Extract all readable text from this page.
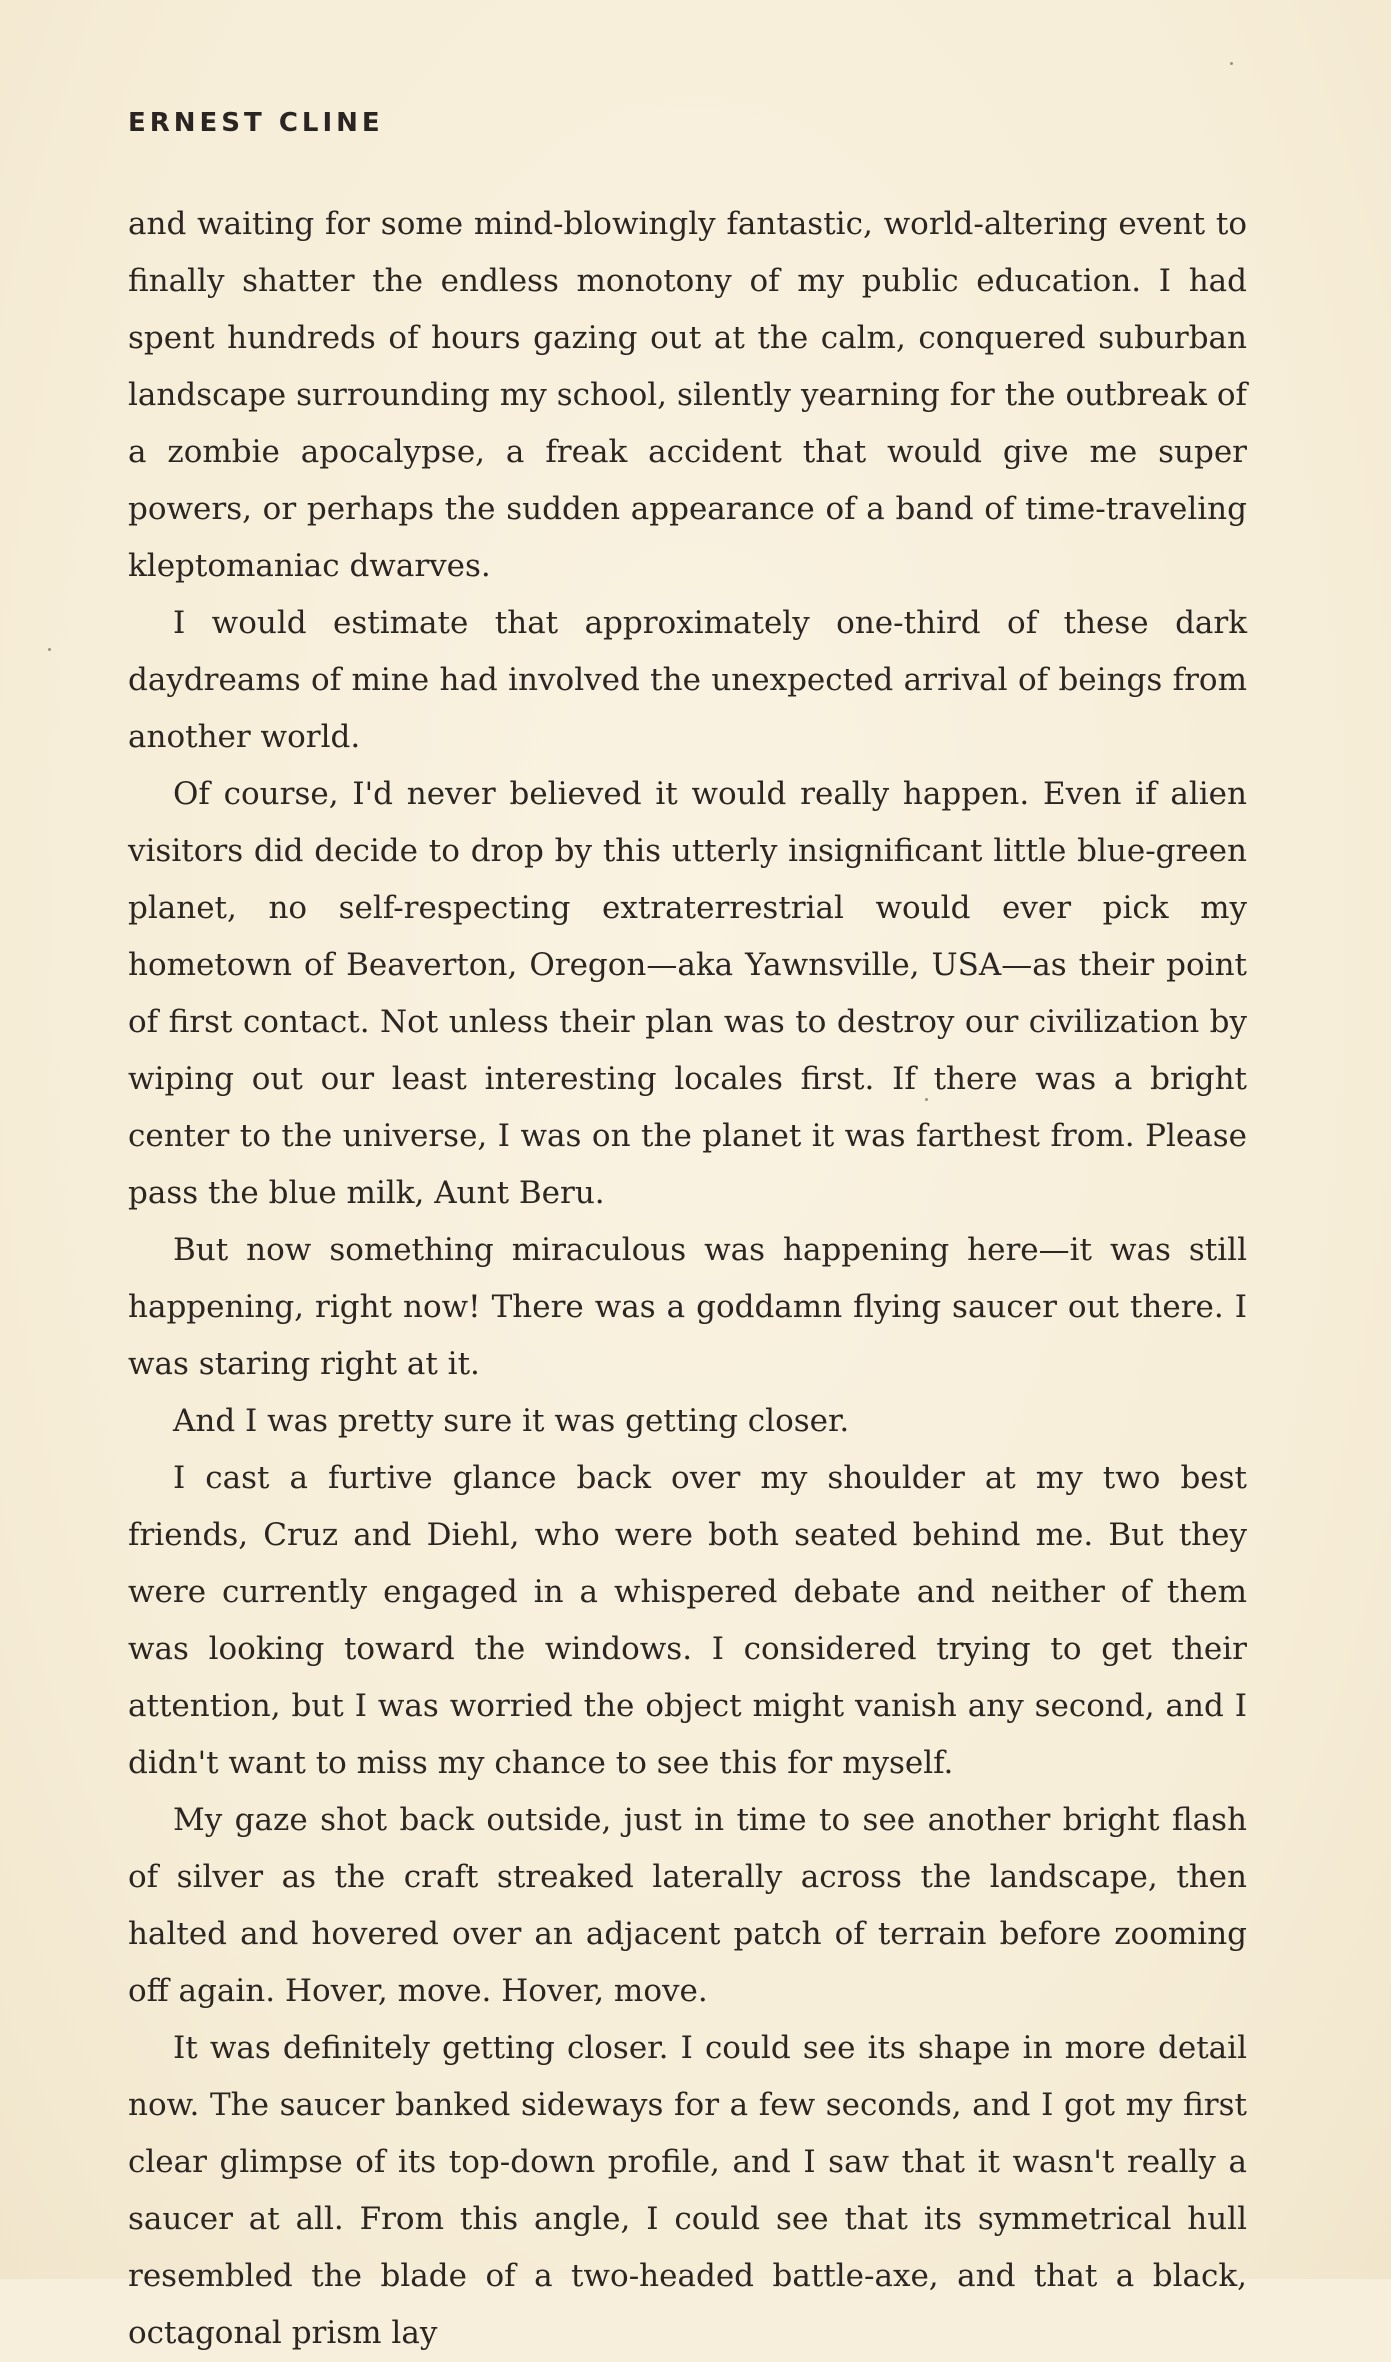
ERNEST CLINE

and waiting for some mind-blowingly fantastic, world-altering event to finally shatter the endless monotony of my public education. I had spent hundreds of hours gazing out at the calm, conquered suburban landscape surrounding my school, silently yearning for the outbreak of a zombie apocalypse, a freak accident that would give me super powers, or perhaps the sudden appearance of a band of time-traveling kleptomaniac dwarves.

I would estimate that approximately one-third of these dark daydreams of mine had involved the unexpected arrival of beings from another world.

Of course, I'd never believed it would really happen. Even if alien visitors did decide to drop by this utterly insignificant little blue-green planet, no self-respecting extraterrestrial would ever pick my hometown of Beaverton, Oregon—aka Yawnsville, USA—as their point of first contact. Not unless their plan was to destroy our civilization by wiping out our least interesting locales first. If there was a bright center to the universe, I was on the planet it was farthest from. Please pass the blue milk, Aunt Beru.

But now something miraculous was happening here—it was still happening, right now! There was a goddamn flying saucer out there. I was staring right at it.

And I was pretty sure it was getting closer.

I cast a furtive glance back over my shoulder at my two best friends, Cruz and Diehl, who were both seated behind me. But they were currently engaged in a whispered debate and neither of them was looking toward the windows. I considered trying to get their attention, but I was worried the object might vanish any second, and I didn't want to miss my chance to see this for myself.

My gaze shot back outside, just in time to see another bright flash of silver as the craft streaked laterally across the landscape, then halted and hovered over an adjacent patch of terrain before zooming off again. Hover, move. Hover, move.

It was definitely getting closer. I could see its shape in more detail now. The saucer banked sideways for a few seconds, and I got my first clear glimpse of its top-down profile, and I saw that it wasn't really a saucer at all. From this angle, I could see that its symmetrical hull resembled the blade of a two-headed battle-axe, and that a black, octagonal prism lay
